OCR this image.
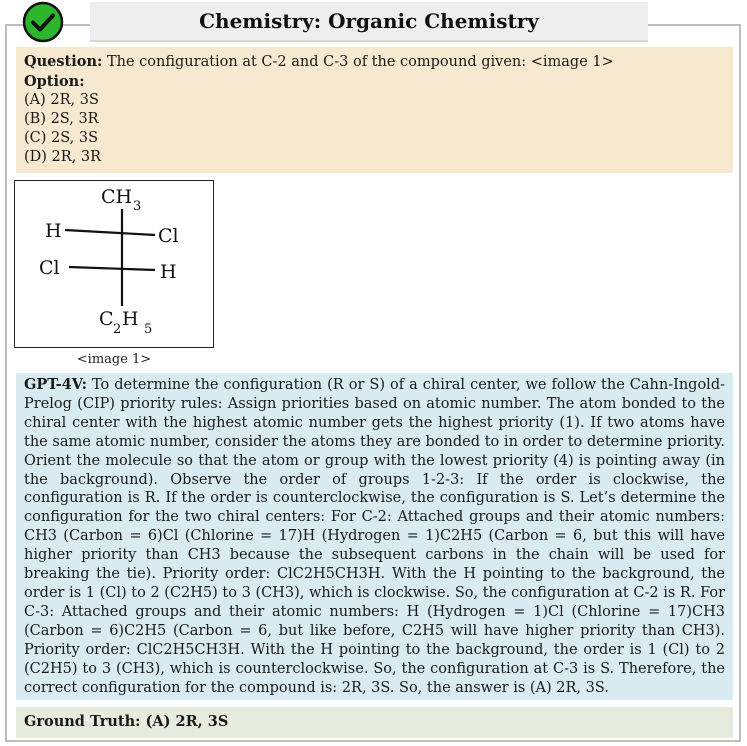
Chemistry: Organic Chemistry
Question: The configuration at C-2 and C-3 of the compound given: <image 1>
Option:
(A) 2R, 3S
(B) 2S, 3R
(C) 2S, 3S
(D) 2R, 3R
CH 3
H	Cl
Cl	H
C 2 H 5
<image 1>
GPT-4V: To determine the configuration (R or S) of a chiral center, we follow the Cahn-Ingold-Prelog (CIP) priority rules: Assign priorities based on atomic number. The atom bonded to the chiral center with the highest atomic number gets the highest priority (1). If two atoms have the same atomic number, consider the atoms they are bonded to in order to determine priority. Orient the molecule so that the atom or group with the lowest priority (4) is pointing away (in the background). Observe the order of groups 1-2-3: If the order is clockwise, the configuration is R. If the order is counterclockwise, the configuration is S. Let’s determine the configuration for the two chiral centers: For C-2: Attached groups and their atomic numbers: CH3 (Carbon = 6)Cl (Chlorine = 17)H (Hydrogen = 1)C2H5 (Carbon = 6, but this will have higher priority than CH3 because the subsequent carbons in the chain will be used for breaking the tie). Priority order: ClC2H5CH3H. With the H pointing to the background, the order is 1 (Cl) to 2 (C2H5) to 3 (CH3), which is clockwise. So, the configuration at C-2 is R. For C-3: Attached groups and their atomic numbers: H (Hydrogen = 1)Cl (Chlorine = 17)CH3 (Carbon = 6)C2H5 (Carbon = 6, but like before, C2H5 will have higher priority than CH3). Priority order: ClC2H5CH3H. With the H pointing to the background, the order is 1 (Cl) to 2 (C2H5) to 3 (CH3), which is counterclockwise. So, the configuration at C-3 is S. Therefore, the correct configuration for the compound is: 2R, 3S. So, the answer is (A) 2R, 3S.
Ground Truth: (A) 2R, 3S
